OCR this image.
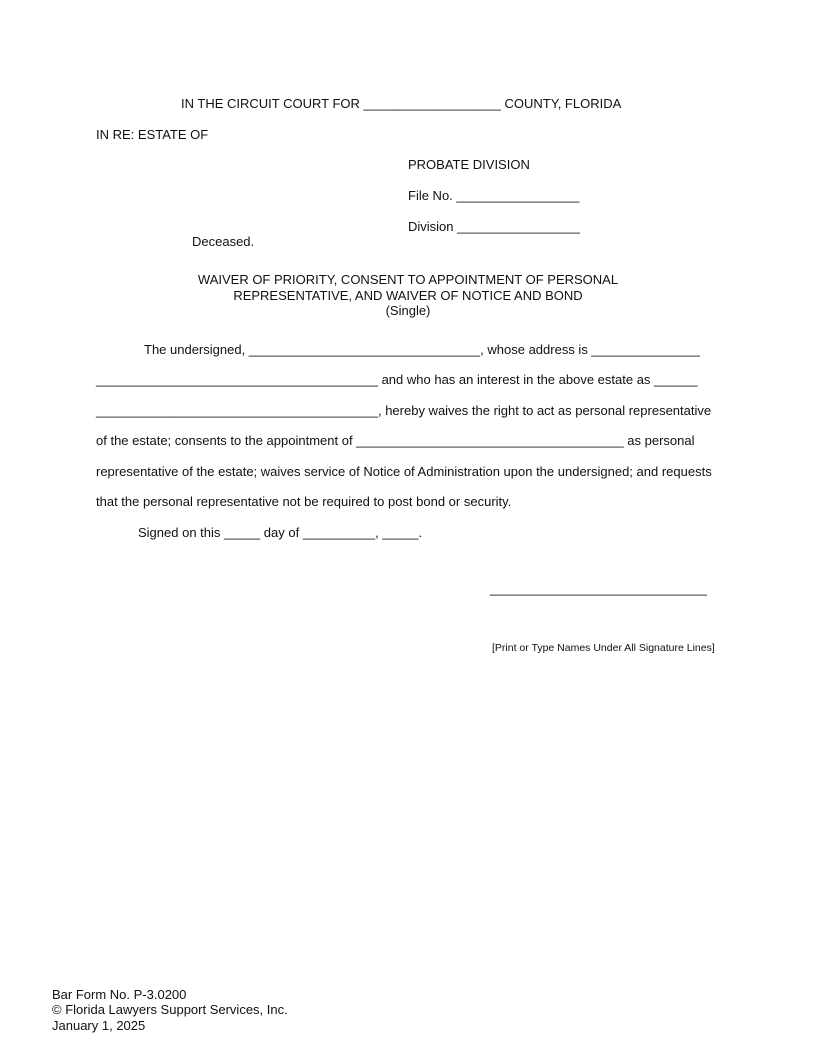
IN THE CIRCUIT COURT FOR ___________________ COUNTY, FLORIDA
IN RE: ESTATE OF
PROBATE DIVISION
File No. _________________
Division _________________
Deceased.
WAIVER OF PRIORITY, CONSENT TO APPOINTMENT OF PERSONAL
REPRESENTATIVE, AND WAIVER OF NOTICE AND BOND
(Single)
The undersigned, ________________________________, whose address is _______________
_______________________________________ and who has an interest in the above estate as ______
_______________________________________, hereby waives the right to act as personal representative
of the estate; consents to the appointment of _____________________________________ as personal
representative of the estate; waives service of Notice of Administration upon the undersigned; and requests
that the personal representative not be required to post bond or security.
Signed on this _____ day of __________, _____.
______________________________
[Print or Type Names Under All Signature Lines]
Bar Form No. P-3.0200
© Florida Lawyers Support Services, Inc.
January 1, 2025
